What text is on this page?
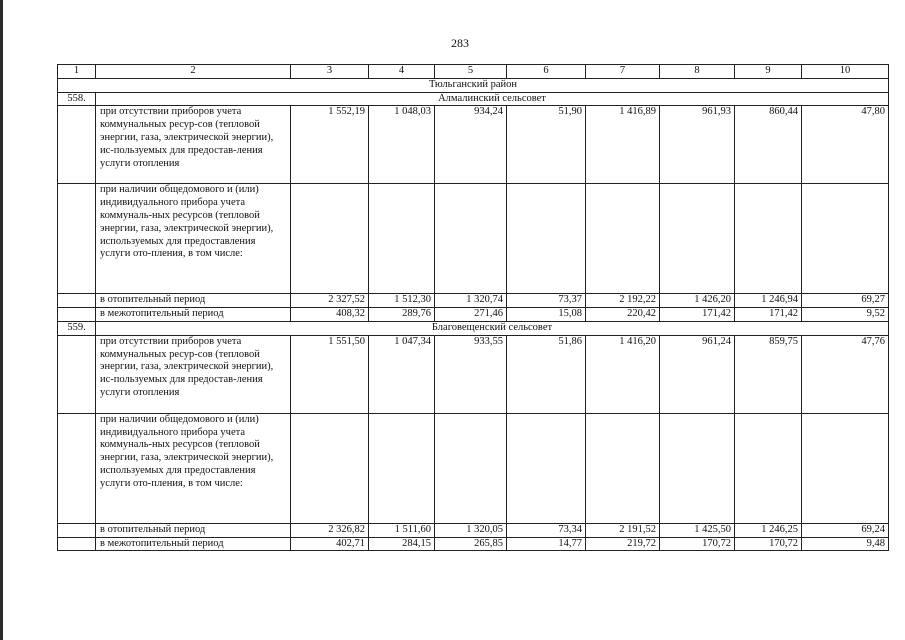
283
1	2	3	4	5	6	7	8	9	10
Тюльганский район									
558.	Алмалинский сельсовет								
	при отсутствии приборов учета коммунальных ресур-сов (тепловой энергии, газа, электрической энергии), ис-пользуемых для предостав-ления услуги отопления	1 552,19	1 048,03	934,24	51,90	1 416,89	961,93	860,44	47,80
	при наличии общедомового и (или) индивидуального прибора учета коммуналь-ных ресурсов (тепловой энергии, газа, электрической энергии), используемых для предоставления услуги ото-пления, в том числе:								
	в отопительный период	2 327,52	1 512,30	1 320,74	73,37	2 192,22	1 426,20	1 246,94	69,27
	в межотопительный период	408,32	289,76	271,46	15,08	220,42	171,42	171,42	9,52
559.	Благовещенский сельсовет								
	при отсутствии приборов учета коммунальных ресур-сов (тепловой энергии, газа, электрической энергии), ис-пользуемых для предостав-ления услуги отопления	1 551,50	1 047,34	933,55	51,86	1 416,20	961,24	859,75	47,76
	при наличии общедомового и (или) индивидуального прибора учета коммуналь-ных ресурсов (тепловой энергии, газа, электрической энергии), используемых для предоставления услуги ото-пления, в том числе:								
	в отопительный период	2 326,82	1 511,60	1 320,05	73,34	2 191,52	1 425,50	1 246,25	69,24
	в межотопительный период	402,71	284,15	265,85	14,77	219,72	170,72	170,72	9,48
